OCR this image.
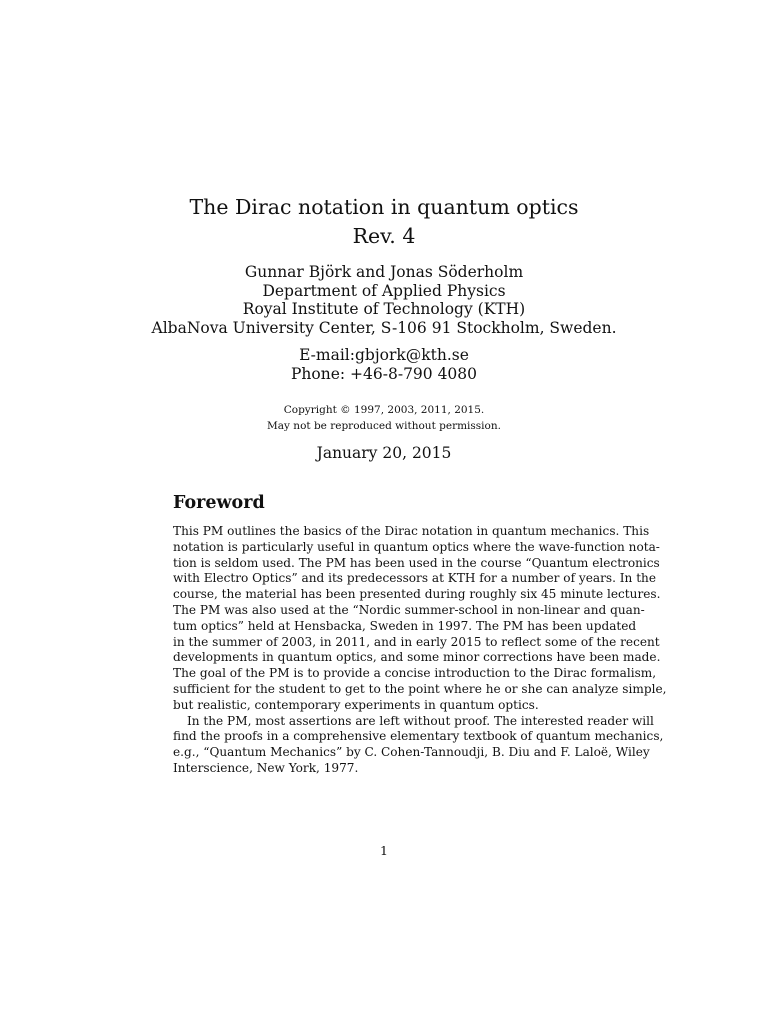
The Dirac notation in quantum optics
Rev. 4
Gunnar Björk and Jonas Söderholm
Department of Applied Physics
Royal Institute of Technology (KTH)
AlbaNova University Center, S-106 91 Stockholm, Sweden.
E-mail:gbjork@kth.se
Phone: +46-8-790 4080
Copyright © 1997, 2003, 2011, 2015.
May not be reproduced without permission.
January 20, 2015
Foreword
This PM outlines the basics of the Dirac notation in quantum mechanics. This
notation is particularly useful in quantum optics where the wave-function nota-
tion is seldom used. The PM has been used in the course “Quantum electronics
with Electro Optics” and its predecessors at KTH for a number of years. In the
course, the material has been presented during roughly six 45 minute lectures.
The PM was also used at the “Nordic summer-school in non-linear and quan-
tum optics” held at Hensbacka, Sweden in 1997. The PM has been updated
in the summer of 2003, in 2011, and in early 2015 to reflect some of the recent
developments in quantum optics, and some minor corrections have been made.
The goal of the PM is to provide a concise introduction to the Dirac formalism,
sufficient for the student to get to the point where he or she can analyze simple,
but realistic, contemporary experiments in quantum optics.
In the PM, most assertions are left without proof. The interested reader will
find the proofs in a comprehensive elementary textbook of quantum mechanics,
e.g., “Quantum Mechanics” by C. Cohen-Tannoudji, B. Diu and F. Laloë, Wiley
Interscience, New York, 1977.
1
